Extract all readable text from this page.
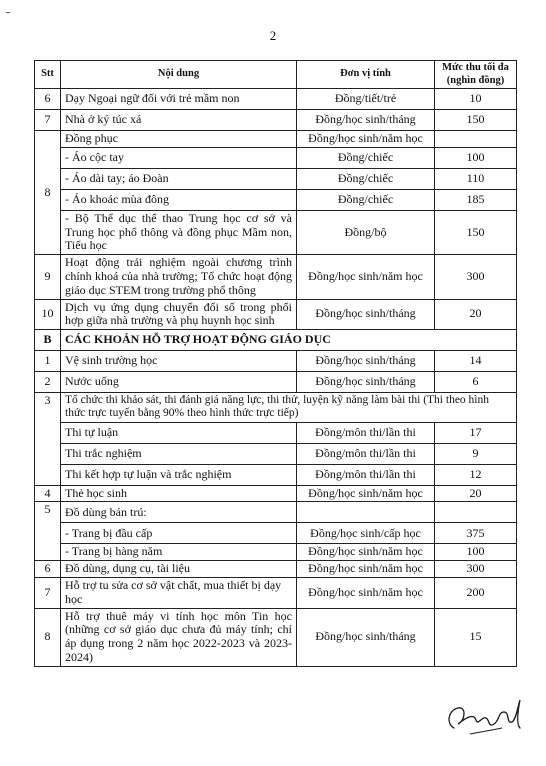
2
Stt	Nội dung	Đơn vị tính	Mức thu tối đa (nghìn đồng)
6	Dạy Ngoại ngữ đối với trẻ mầm non	Đồng/tiết/trẻ	10
7	Nhà ở ký túc xá	Đồng/học sinh/tháng	150
8	Đồng phục	Đồng/học sinh/năm học	
	- Áo cộc tay	Đồng/chiếc	100
	- Áo dài tay; áo Đoàn	Đồng/chiếc	110
	- Áo khoác mùa đông	Đồng/chiếc	185
	- Bộ Thể dục thể thao Trung học cơ sở và Trung học phổ thông và đồng phục Mầm non, Tiểu học	Đồng/bộ	150
9	Hoạt động trải nghiệm ngoài chương trình chính khoá của nhà trường; Tổ chức hoạt động giáo dục STEM trong trường phổ thông	Đồng/học sinh/năm học	300
10	Dịch vụ ứng dụng chuyển đổi số trong phối hợp giữa nhà trường và phụ huynh học sinh	Đồng/học sinh/tháng	20
B	CÁC KHOẢN HỖ TRỢ HOẠT ĐỘNG GIÁO DỤC		
1	Vệ sinh trường học	Đồng/học sinh/tháng	14
2	Nước uống	Đồng/học sinh/tháng	6
3	Tổ chức thi khảo sát, thi đánh giá năng lực, thi thử, luyện kỹ năng làm bài thi (Thi theo hình thức trực tuyến bằng 90% theo hình thức trực tiếp)		
	Thi tự luận	Đồng/môn thi/lần thi	17
	Thi trắc nghiệm	Đồng/môn thi/lần thi	9
	Thi kết hợp tự luận và trắc nghiệm	Đồng/môn thi/lần thi	12
4	Thẻ học sinh	Đồng/học sinh/năm học	20
5	Đồ dùng bán trú:		
	- Trang bị đầu cấp	Đồng/học sinh/cấp học	375
	- Trang bị hàng năm	Đồng/học sinh/năm học	100
6	Đồ dùng, dụng cụ, tài liệu	Đồng/học sinh/năm học	300
7	Hỗ trợ tu sửa cơ sở vật chất, mua thiết bị dạy học	Đồng/học sinh/năm học	200
8	Hỗ trợ thuê máy vi tính học môn Tin học (những cơ sở giáo dục chưa đủ máy tính; chỉ áp dụng trong 2 năm học 2022-2023 và 2023-2024)	Đồng/học sinh/tháng	15
